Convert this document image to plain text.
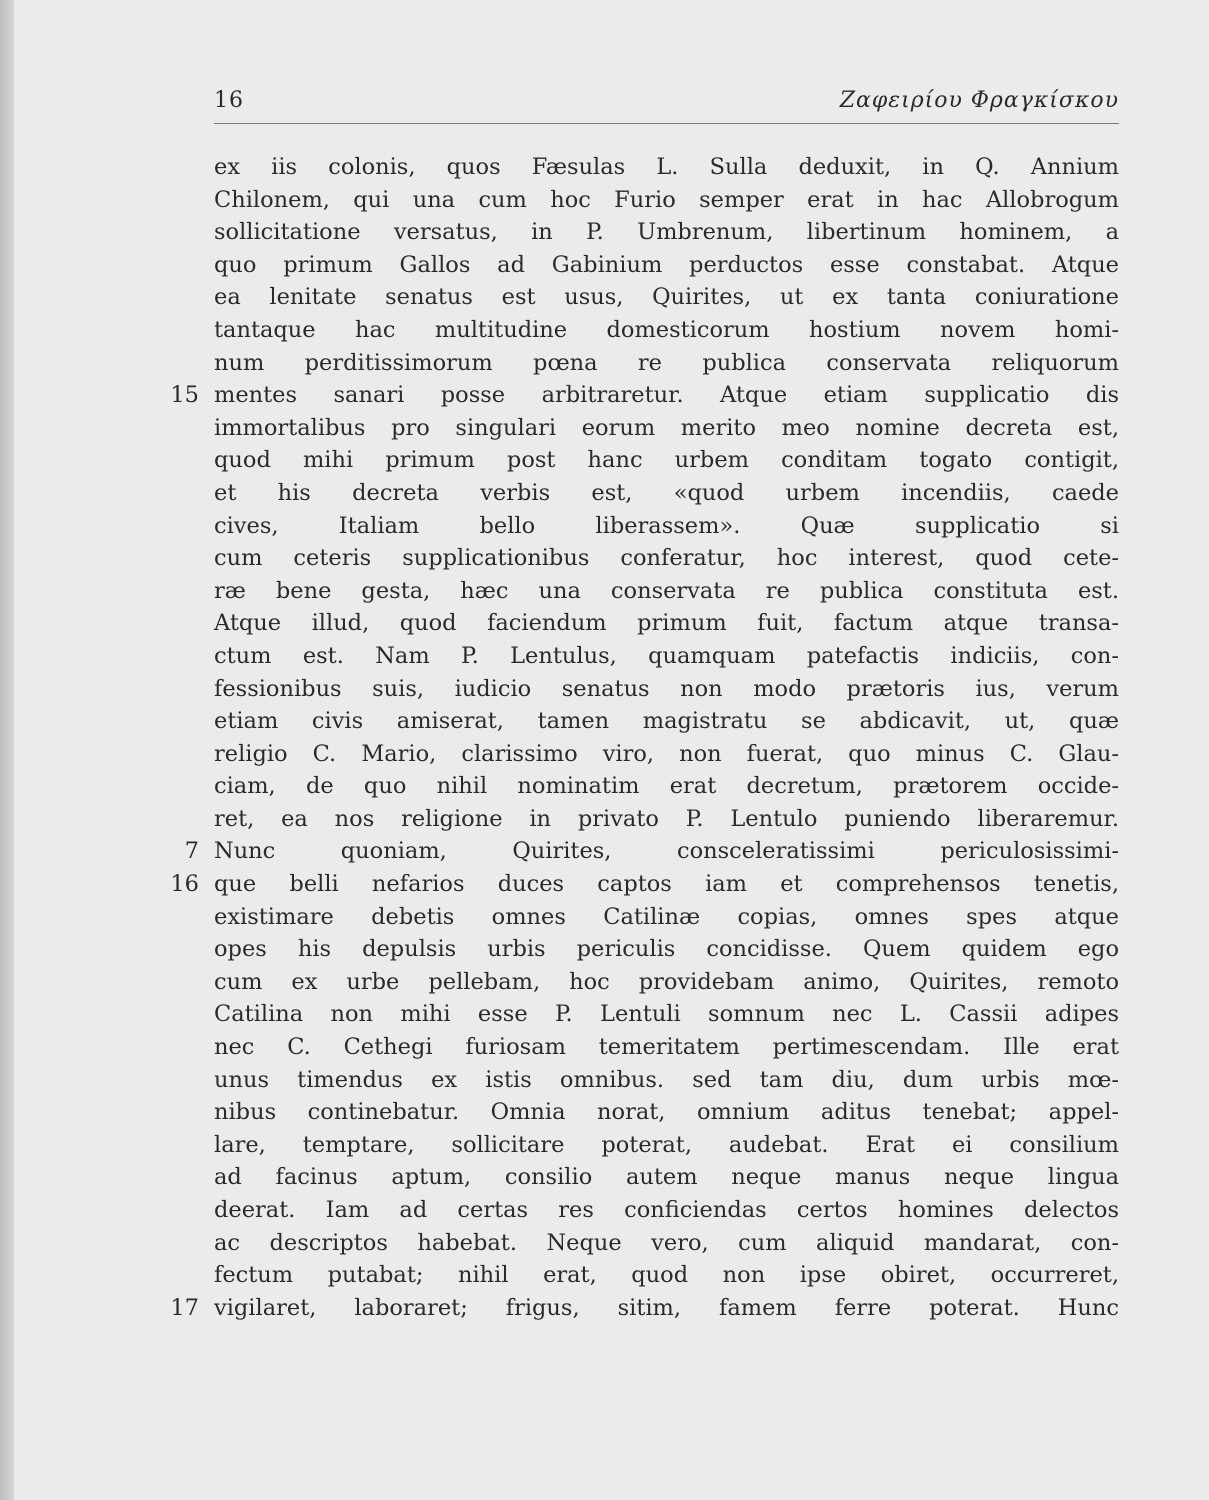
16	Ζαφειρίου Φραγκίσκου
ex iis colonis, quos Fæsulas L. Sulla deduxit, in Q. Annium
Chilonem, qui una cum hoc Furio semper erat in hac Allobrogum
sollicitatione versatus, in P. Umbrenum, libertinum hominem, a
quo primum Gallos ad Gabinium perductos esse constabat. Atque
ea lenitate senatus est usus, Quirites, ut ex tanta coniuratione
tantaque hac multitudine domesticorum hostium novem homi-
num perditissimorum pœna re publica conservata reliquorum
15 mentes sanari posse arbitraretur. Atque etiam supplicatio dis
immortalibus pro singulari eorum merito meo nomine decreta est,
quod mihi primum post hanc urbem conditam togato contigit,
et his decreta verbis est, «quod urbem incendiis, caede
cives, Italiam bello liberassem». Quæ supplicatio si
cum ceteris supplicationibus conferatur, hoc interest, quod cete-
ræ bene gesta, hæc una conservata re publica constituta est.
Atque illud, quod faciendum primum fuit, factum atque transa-
ctum est. Nam P. Lentulus, quamquam patefactis indiciis, con-
fessionibus suis, iudicio senatus non modo prætoris ius, verum
etiam civis amiserat, tamen magistratu se abdicavit, ut, quæ
religio C. Mario, clarissimo viro, non fuerat, quo minus C. Glau-
ciam, de quo nihil nominatim erat decretum, prætorem occide-
ret, ea nos religione in privato P. Lentulo puniendo liberaremur.
7 Nunc quoniam, Quirites, consceleratissimi periculosissimi-
16 que belli nefarios duces captos iam et comprehensos tenetis,
existimare debetis omnes Catilinæ copias, omnes spes atque
opes his depulsis urbis periculis concidisse. Quem quidem ego
cum ex urbe pellebam, hoc providebam animo, Quirites, remoto
Catilina non mihi esse P. Lentuli somnum nec L. Cassii adipes
nec C. Cethegi furiosam temeritatem pertimescendam. Ille erat
unus timendus ex istis omnibus. sed tam diu, dum urbis mœ-
nibus continebatur. Omnia norat, omnium aditus tenebat; appel-
lare, temptare, sollicitare poterat, audebat. Erat ei consilium
ad facinus aptum, consilio autem neque manus neque lingua
deerat. Iam ad certas res conficiendas certos homines delectos
ac descriptos habebat. Neque vero, cum aliquid mandarat, con-
fectum putabat; nihil erat, quod non ipse obiret, occurreret,
17 vigilaret, laboraret; frigus, sitim, famem ferre poterat. Hunc
